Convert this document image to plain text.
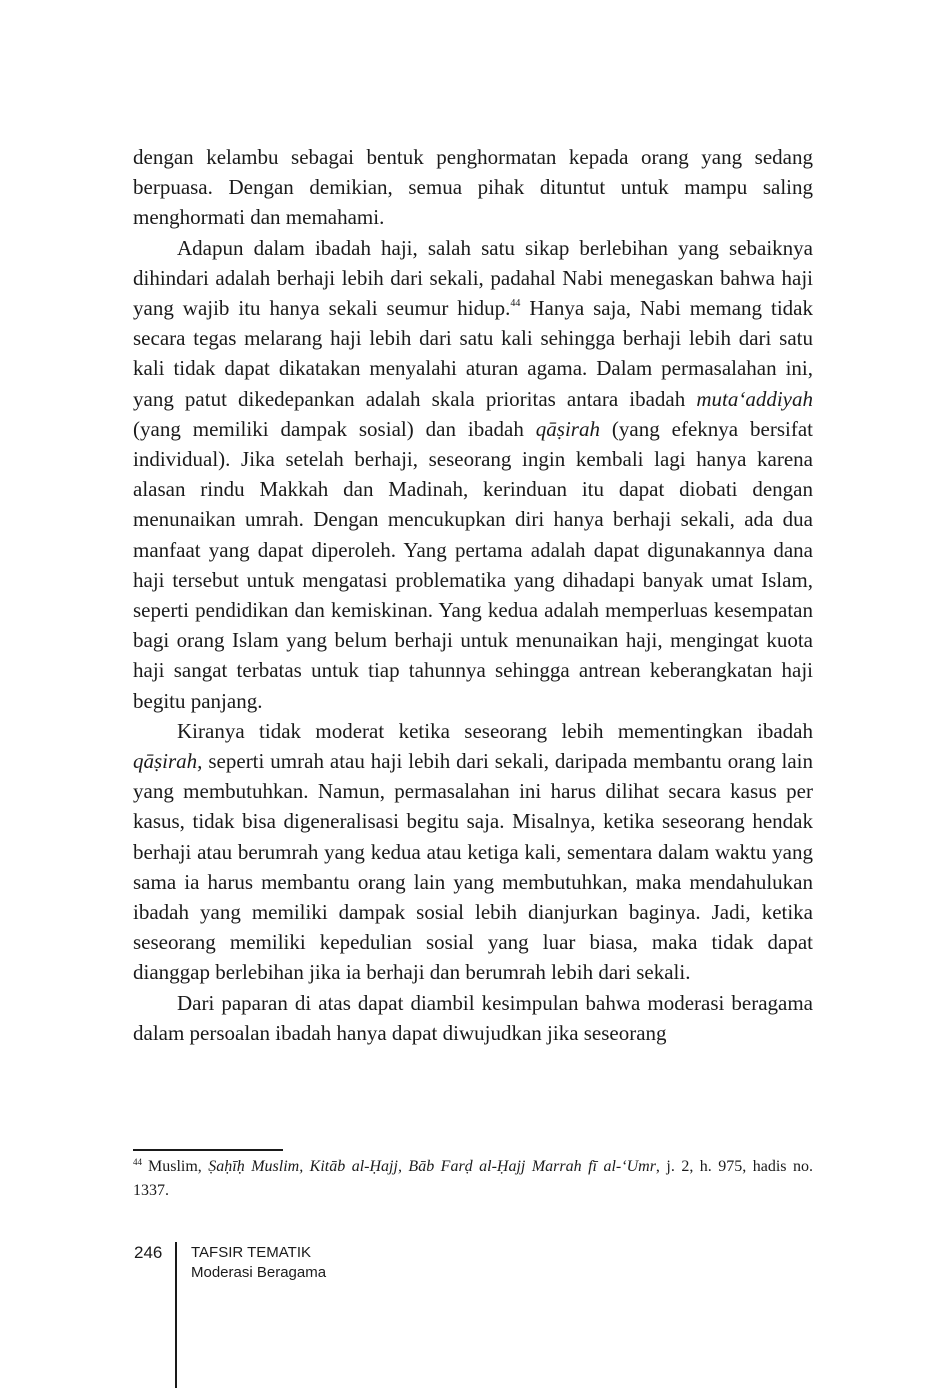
dengan kelambu sebagai bentuk penghormatan kepada orang yang sedang berpuasa. Dengan demikian, semua pihak dituntut untuk mampu saling menghormati dan memahami.

Adapun dalam ibadah haji, salah satu sikap berlebihan yang sebaiknya dihindari adalah berhaji lebih dari sekali, padahal Nabi menegaskan bahwa haji yang wajib itu hanya sekali seumur hidup.$^{44}$ Hanya saja, Nabi memang tidak secara tegas melarang haji lebih dari satu kali sehingga berhaji lebih dari satu kali tidak dapat dikatakan menyalahi aturan agama. Dalam permasalahan ini, yang patut dikedepankan adalah skala prioritas antara ibadah muta‘addiyah (yang memiliki dampak sosial) dan ibadah qāṣirah (yang efeknya bersifat individual). Jika setelah berhaji, seseorang ingin kembali lagi hanya karena alasan rindu Makkah dan Madinah, kerinduan itu dapat diobati dengan menunaikan umrah. Dengan mencukupkan diri hanya berhaji sekali, ada dua manfaat yang dapat diperoleh. Yang pertama adalah dapat digunakannya dana haji tersebut untuk mengatasi problematika yang dihadapi banyak umat Islam, seperti pendidikan dan kemiskinan. Yang kedua adalah memperluas kesempatan bagi orang Islam yang belum berhaji untuk menunaikan haji, mengingat kuota haji sangat terbatas untuk tiap tahunnya sehingga antrean keberangkatan haji begitu panjang.

Kiranya tidak moderat ketika seseorang lebih mementingkan ibadah qāṣirah, seperti umrah atau haji lebih dari sekali, daripada membantu orang lain yang membutuhkan. Namun, permasalahan ini harus dilihat secara kasus per kasus, tidak bisa digeneralisasi begitu saja. Misalnya, ketika seseorang hendak berhaji atau berumrah yang kedua atau ketiga kali, sementara dalam waktu yang sama ia harus membantu orang lain yang membutuhkan, maka mendahulukan ibadah yang memiliki dampak sosial lebih dianjurkan baginya. Jadi, ketika seseorang memiliki kepedulian sosial yang luar biasa, maka tidak dapat dianggap berlebihan jika ia berhaji dan berumrah lebih dari sekali.

Dari paparan di atas dapat diambil kesimpulan bahwa moderasi beragama dalam persoalan ibadah hanya dapat diwujudkan jika seseorang

$^{44}$ Muslim, Ṣaḥīḥ Muslim, Kitāb al-Ḥajj, Bāb Farḍ al-Ḥajj Marrah fī al-‘Umr, j. 2, h. 975, hadis no. 1337.
246 TAFSIR TEMATIK
Moderasi Beragama
